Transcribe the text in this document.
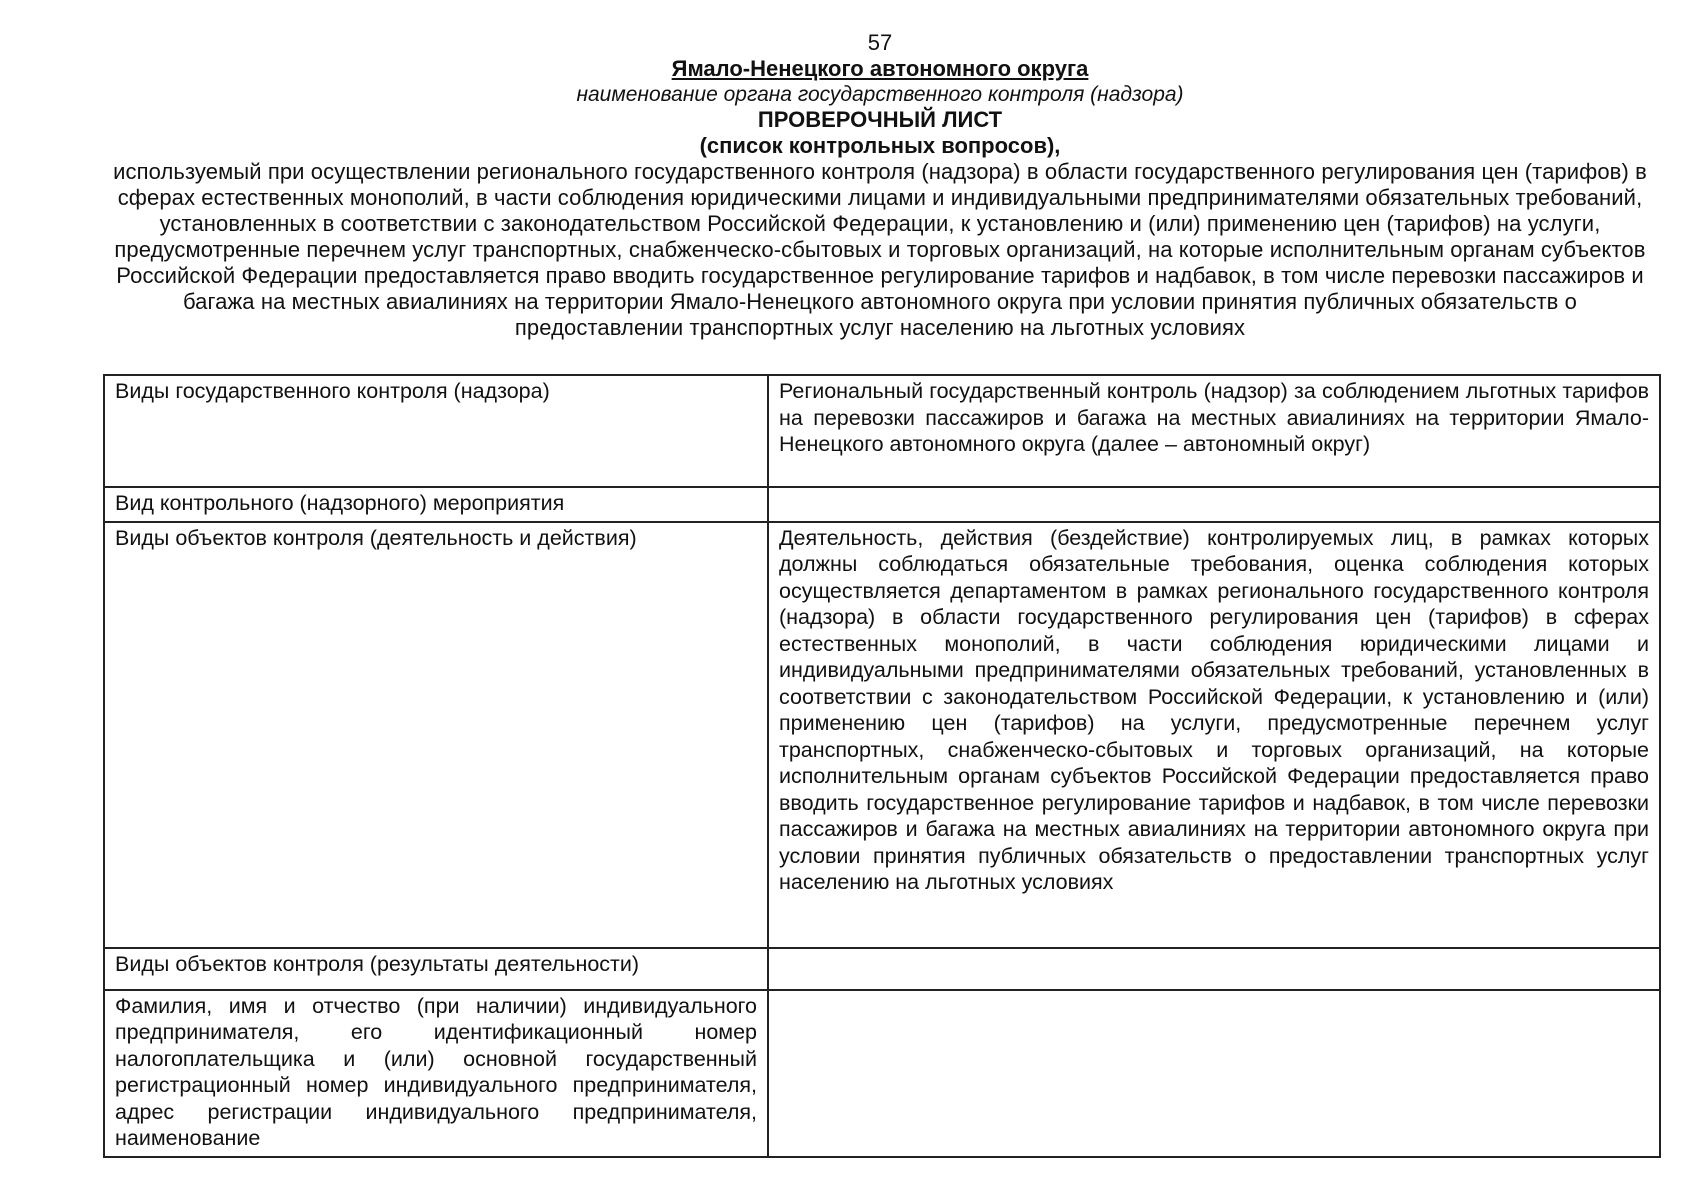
57

Ямало-Ненецкого автономного округа

наименование органа государственного контроля (надзора)

ПРОВЕРОЧНЫЙ ЛИСТ

(список контрольных вопросов),

используемый при осуществлении регионального государственного контроля (надзора) в области государственного регулирования цен (тарифов) в сферах естественных монополий, в части соблюдения юридическими лицами и индивидуальными предпринимателями обязательных требований, установленных в соответствии с законодательством Российской Федерации, к установлению и (или) применению цен (тарифов) на услуги, предусмотренные перечнем услуг транспортных, снабженческо-сбытовых и торговых организаций, на которые исполнительным органам субъектов Российской Федерации предоставляется право вводить государственное регулирование тарифов и надбавок, в том числе перевозки пассажиров и багажа на местных авиалиниях на территории Ямало-Ненецкого автономного округа при условии принятия публичных обязательств о предоставлении транспортных услуг населению на льготных условиях

Виды государственного контроля (надзора)	Региональный государственный контроль (надзор) за соблюдением льготных тарифов на перевозки пассажиров и багажа на местных авиалиниях на территории Ямало-Ненецкого автономного округа (далее – автономный округ)
Вид контрольного (надзорного) мероприятия	
Виды объектов контроля (деятельность и действия)	Деятельность, действия (бездействие) контролируемых лиц, в рамках которых должны соблюдаться обязательные требования, оценка соблюдения которых осуществляется департаментом в рамках регионального государственного контроля (надзора) в области государственного регулирования цен (тарифов) в сферах естественных монополий, в части соблюдения юридическими лицами и индивидуальными предпринимателями обязательных требований, установленных в соответствии с законодательством Российской Федерации, к установлению и (или) применению цен (тарифов) на услуги, предусмотренные перечнем услуг транспортных, снабженческо-сбытовых и торговых организаций, на которые исполнительным органам субъектов Российской Федерации предоставляется право вводить государственное регулирование тарифов и надбавок, в том числе перевозки пассажиров и багажа на местных авиалиниях на территории автономного округа при условии принятия публичных обязательств о предоставлении транспортных услуг населению на льготных условиях
Виды объектов контроля (результаты деятельности)	
Фамилия, имя и отчество (при наличии) индивидуального предпринимателя, его идентификационный номер налогоплательщика и (или) основной государственный регистрационный номер индивидуального предпринимателя, адрес регистрации индивидуального предпринимателя, наименование	
